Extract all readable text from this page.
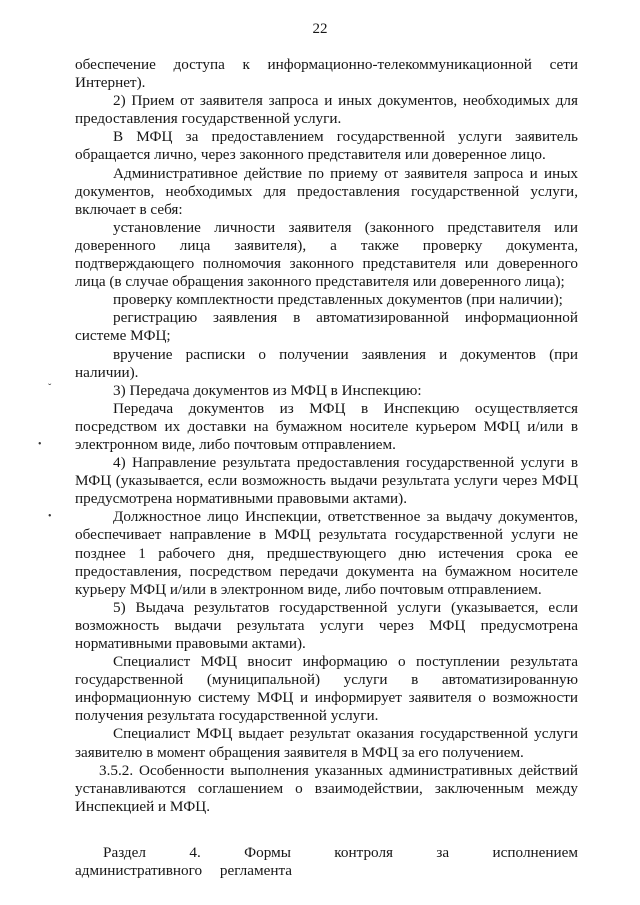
22

обеспечение доступа к информационно-телекоммуникационной сети Интернет).

2) Прием от заявителя запроса и иных документов, необходимых для предоставления государственной услуги.

В МФЦ за предоставлением государственной услуги заявитель обращается лично, через законного представителя или доверенное лицо.

Административное действие по приему от заявителя запроса и иных документов, необходимых для предоставления государственной услуги, включает в себя:

установление личности заявителя (законного представителя или доверенного лица заявителя), а также проверку документа, подтверждающего полномочия законного представителя или доверенного лица (в случае обращения законного представителя или доверенного лица);

проверку комплектности представленных документов (при наличии);

регистрацию заявления в автоматизированной информационной системе МФЦ;

вручение расписки о получении заявления и документов (при наличии).

3) Передача документов из МФЦ в Инспекцию:

Передача документов из МФЦ в Инспекцию осуществляется посредством их доставки на бумажном носителе курьером МФЦ и/или в электронном виде, либо почтовым отправлением.

4) Направление результата предоставления государственной услуги в МФЦ (указывается, если возможность выдачи результата услуги через МФЦ предусмотрена нормативными правовыми актами).

Должностное лицо Инспекции, ответственное за выдачу документов, обеспечивает направление в МФЦ результата государственной услуги не позднее 1 рабочего дня, предшествующего дню истечения срока ее предоставления, посредством передачи документа на бумажном носителе курьеру МФЦ и/или в электронном виде, либо почтовым отправлением.

5) Выдача результатов государственной услуги (указывается, если возможность выдачи результата услуги через МФЦ предусмотрена нормативными правовыми актами).

Специалист МФЦ вносит информацию о поступлении результата государственной (муниципальной) услуги в автоматизированную информационную систему МФЦ и информирует заявителя о возможности получения результата государственной услуги.

Специалист МФЦ выдает результат оказания государственной услуги заявителю в момент обращения заявителя в МФЦ за его получением.

3.5.2. Особенности выполнения указанных административных действий устанавливаются соглашением о взаимодействии, заключенным между Инспекцией и МФЦ.

Раздел 4. Формы контроля за исполнением административного регламента

ˇ
•
•
